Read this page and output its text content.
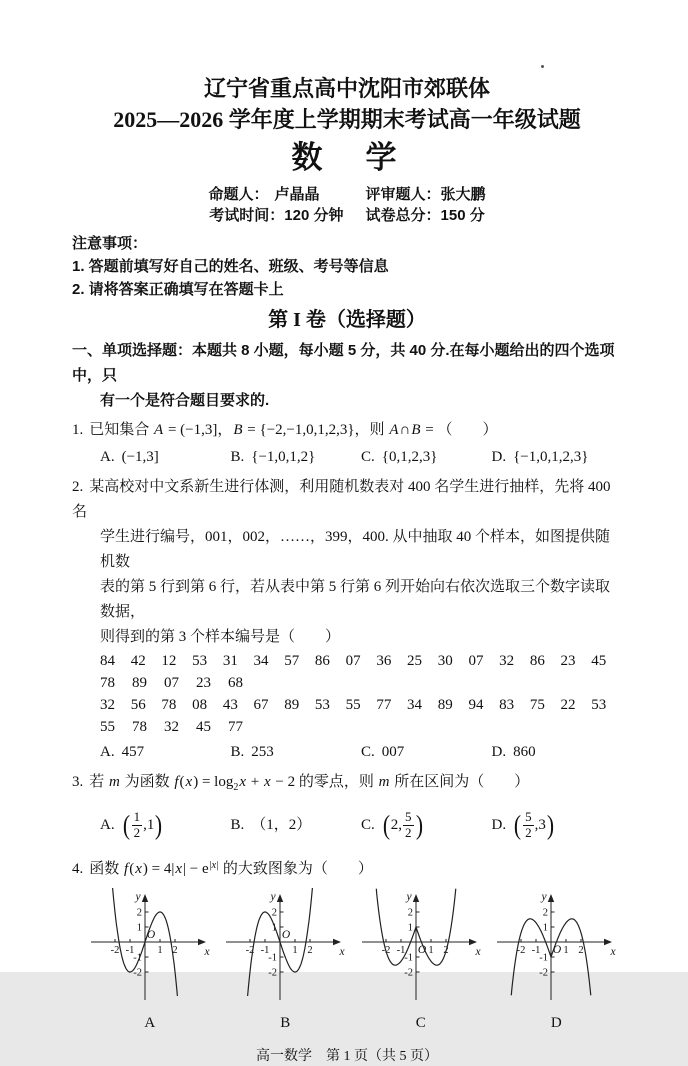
辽宁省重点高中沈阳市郊联体
2025—2026 学年度上学期期末考试高一年级试题
数　学
命题人： 卢晶晶	评审题人：张大鹏
考试时间：120 分钟 试卷总分：150 分
注意事项：
1. 答题前填写好自己的姓名、班级、考号等信息
2. 请将答案正确填写在答题卡上
第 I 卷（选择题）
一、单项选择题：本题共 8 小题，每小题 5 分，共 40 分.在每小题给出的四个选项中，只
有一个是符合题目要求的.
1. 已知集合 A = (−1,3]，B = {−2,−1,0,1,2,3}，则 A∩B = （　　）
A. (−1,3]	B. {−1,0,1,2}	C. {0,1,2,3}	D. {−1,0,1,2,3}
2. 某高校对中文系新生进行体测，利用随机数表对 400 名学生进行抽样，先将 400 名
学生进行编号，001，002，……，399，400. 从中抽取 40 个样本，如图提供随机数
表的第 5 行到第 6 行，若从表中第 5 行第 6 列开始向右依次选取三个数字读取数据，
则得到的第 3 个样本编号是（　　）
84	42	12	53	31	34	57	86	07	36	25	30	07	32	86	23	45
78	89	07	23	68
32	56	78	08	43	67	89	53	55	77	34	89	94	83	75	22	53
55	78	32	45	77
A. 457	B. 253	C. 007	D. 860
3. 若 m 为函数 $f(x) = \log_2x + x - 2$ 的零点，则 m 所在区间为（　　）
A. ( $\frac{1}{2} ,1$)	B. （1，2）	C. (2, $\frac{5}{2}$ )	D. ( $\frac{5}{2} ,3$)
4. 函数 $f(x) = 4|x| - e^{|x|}$ 的大致图象为（　　）
-2 -1 1 2
2
1
-1
-2
y
x
O
A
-2 -1 1 2
2
1
-1
-2
y
x
O
B
-2 -1 1 2
2
1
-1
-2
y
x
O
C
-2 -1 1 2
2
1
-1
-2
y
x
O
D
高一数学　第 1 页（共 5 页）
